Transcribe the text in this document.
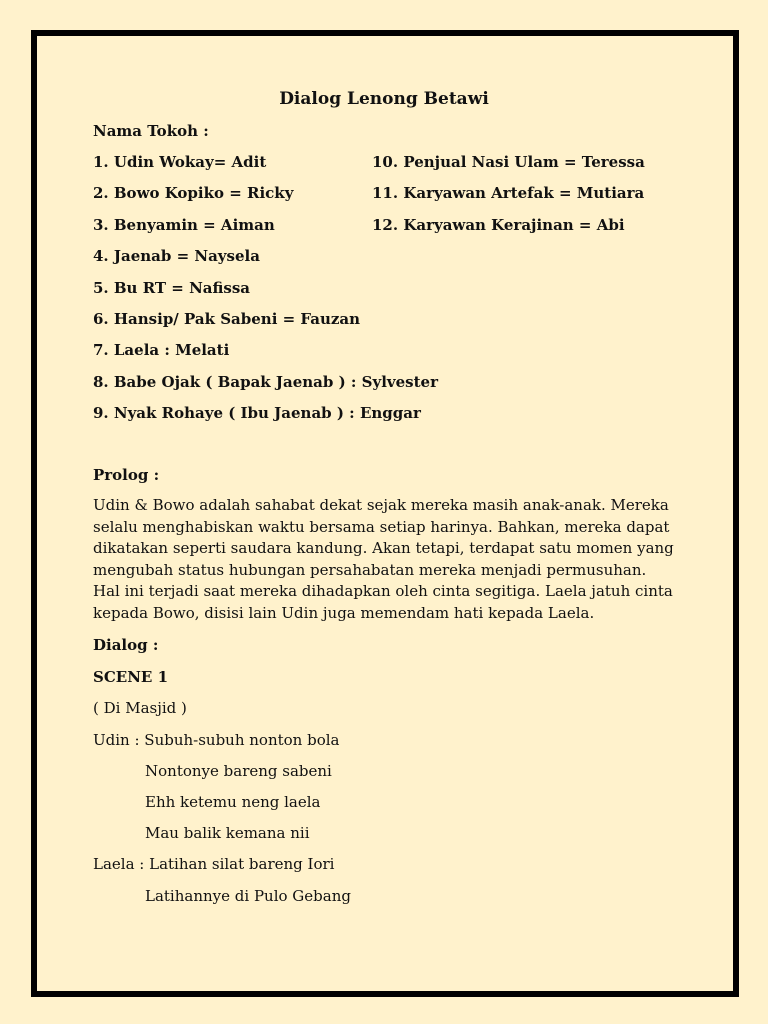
Dialog Lenong Betawi
Nama Tokoh :
1. Udin Wokay= Adit
2. Bowo Kopiko = Ricky
3. Benyamin = Aiman
4. Jaenab = Naysela
5. Bu RT = Nafissa
6. Hansip/ Pak Sabeni = Fauzan
7. Laela : Melati
8. Babe Ojak ( Bapak Jaenab ) : Sylvester
9. Nyak Rohaye ( Ibu Jaenab ) : Enggar
10. Penjual Nasi Ulam = Teressa
11. Karyawan Artefak = Mutiara
12. Karyawan Kerajinan = Abi
Prolog :
Udin & Bowo adalah sahabat dekat sejak mereka masih anak-anak. Mereka
selalu menghabiskan waktu bersama setiap harinya. Bahkan, mereka dapat
dikatakan seperti saudara kandung. Akan tetapi, terdapat satu momen yang
mengubah status hubungan persahabatan mereka menjadi permusuhan.
Hal ini terjadi saat mereka dihadapkan oleh cinta segitiga. Laela jatuh cinta
kepada Bowo, disisi lain Udin juga memendam hati kepada Laela.
Dialog :
SCENE 1
( Di Masjid )
Udin : Subuh-subuh nonton bola
Nontonye bareng sabeni
Ehh ketemu neng laela
Mau balik kemana nii
Laela : Latihan silat bareng Iori
Latihannye di Pulo Gebang
